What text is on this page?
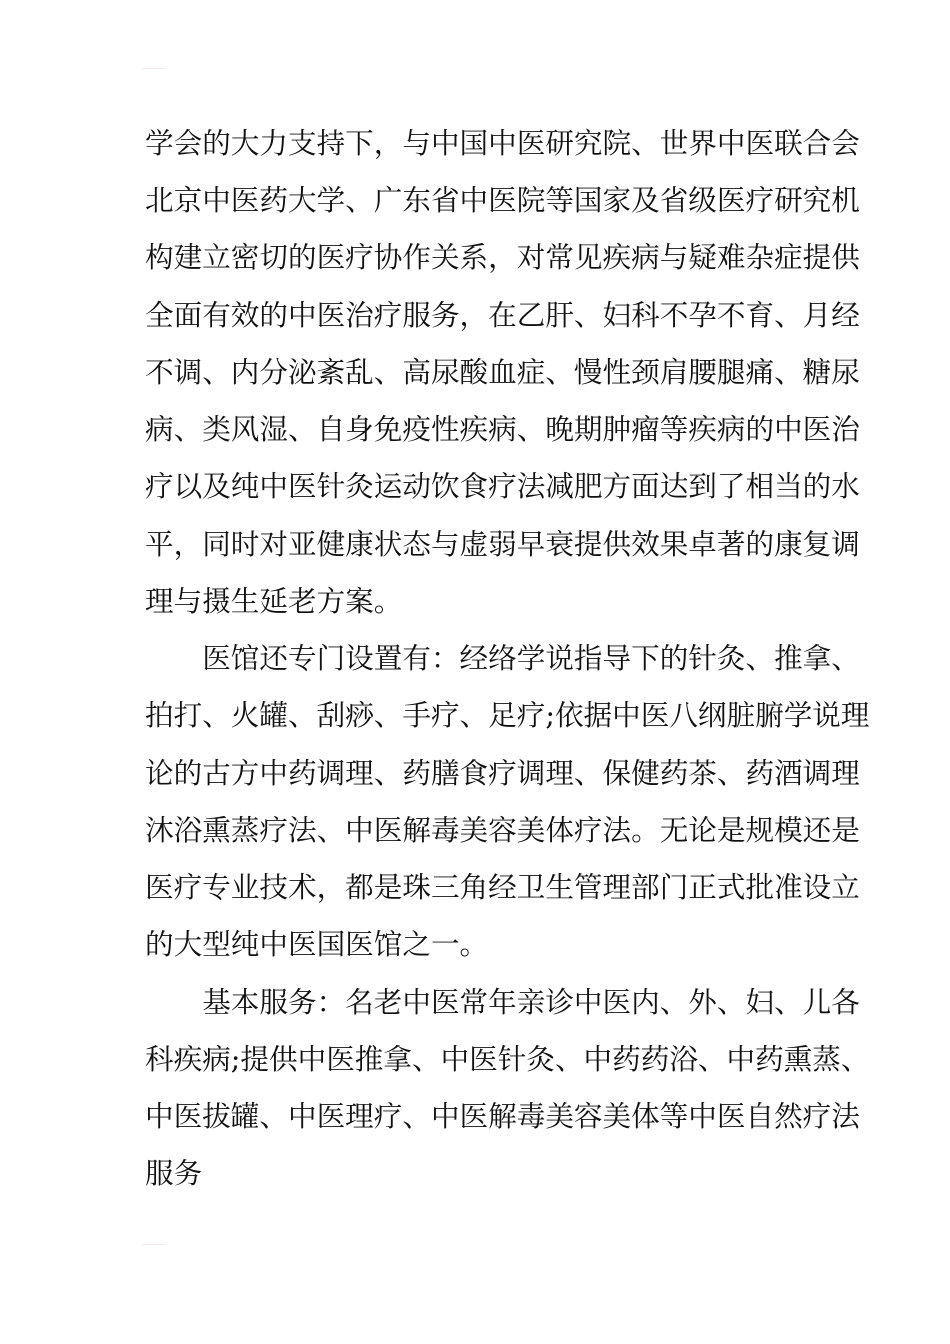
学会的大力支持下，与中国中医研究院、世界中医联合会
北京中医药大学、广东省中医院等国家及省级医疗研究机
构建立密切的医疗协作关系，对常见疾病与疑难杂症提供
全面有效的中医治疗服务，在乙肝、妇科不孕不育、月经
不调、内分泌紊乱、高尿酸血症、慢性颈肩腰腿痛、糖尿
病、类风湿、自身免疫性疾病、晚期肿瘤等疾病的中医治
疗以及纯中医针灸运动饮食疗法减肥方面达到了相当的水
平，同时对亚健康状态与虚弱早衰提供效果卓著的康复调
理与摄生延老方案。
　　医馆还专门设置有：经络学说指导下的针灸、推拿、
拍打、火罐、刮痧、手疗、足疗;依据中医八纲脏腑学说理
论的古方中药调理、药膳食疗调理、保健药茶、药酒调理
沐浴熏蒸疗法、中医解毒美容美体疗法。无论是规模还是
医疗专业技术，都是珠三角经卫生管理部门正式批准设立
的大型纯中医国医馆之一。
　　基本服务：名老中医常年亲诊中医内、外、妇、儿各
科疾病;提供中医推拿、中医针灸、中药药浴、中药熏蒸、
中医拔罐、中医理疗、中医解毒美容美体等中医自然疗法
服务
